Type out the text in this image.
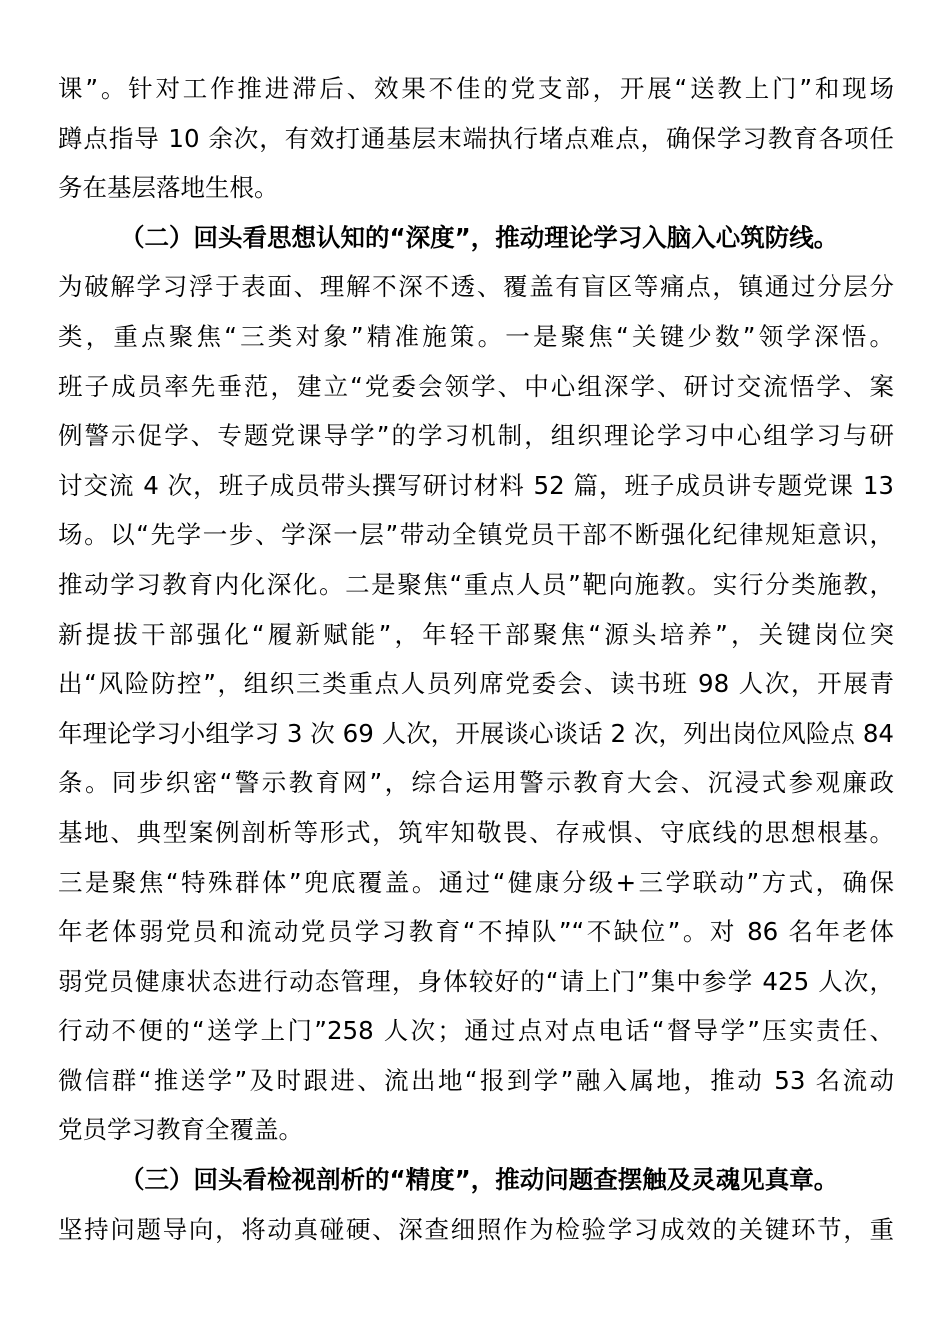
课”。针对工作推进滞后、效果不佳的党支部，开展“送教上门”和现场
蹲点指导 10 余次，有效打通基层末端执行堵点难点，确保学习教育各项任
务在基层落地生根。
（二）回头看思想认知的“深度”，推动理论学习入脑入心筑防线。
为破解学习浮于表面、理解不深不透、覆盖有盲区等痛点，镇通过分层分
类，重点聚焦“三类对象”精准施策。一是聚焦“关键少数”领学深悟。
班子成员率先垂范，建立“党委会领学、中心组深学、研讨交流悟学、案
例警示促学、专题党课导学”的学习机制，组织理论学习中心组学习与研
讨交流 4 次，班子成员带头撰写研讨材料 52 篇，班子成员讲专题党课 13
场。以“先学一步、学深一层”带动全镇党员干部不断强化纪律规矩意识，
推动学习教育内化深化。二是聚焦“重点人员”靶向施教。实行分类施教，
新提拔干部强化“履新赋能”，年轻干部聚焦“源头培养”，关键岗位突
出“风险防控”，组织三类重点人员列席党委会、读书班 98 人次，开展青
年理论学习小组学习 3 次 69 人次，开展谈心谈话 2 次，列出岗位风险点 84
条。同步织密“警示教育网”，综合运用警示教育大会、沉浸式参观廉政
基地、典型案例剖析等形式，筑牢知敬畏、存戒惧、守底线的思想根基。
三是聚焦“特殊群体”兜底覆盖。通过“健康分级+三学联动”方式，确保
年老体弱党员和流动党员学习教育“不掉队”“不缺位”。对 86 名年老体
弱党员健康状态进行动态管理，身体较好的“请上门”集中参学 425 人次，
行动不便的“送学上门”258 人次；通过点对点电话“督导学”压实责任、
微信群“推送学”及时跟进、流出地“报到学”融入属地，推动 53 名流动
党员学习教育全覆盖。
（三）回头看检视剖析的“精度”，推动问题查摆触及灵魂见真章。
坚持问题导向，将动真碰硬、深查细照作为检验学习成效的关键环节，重
